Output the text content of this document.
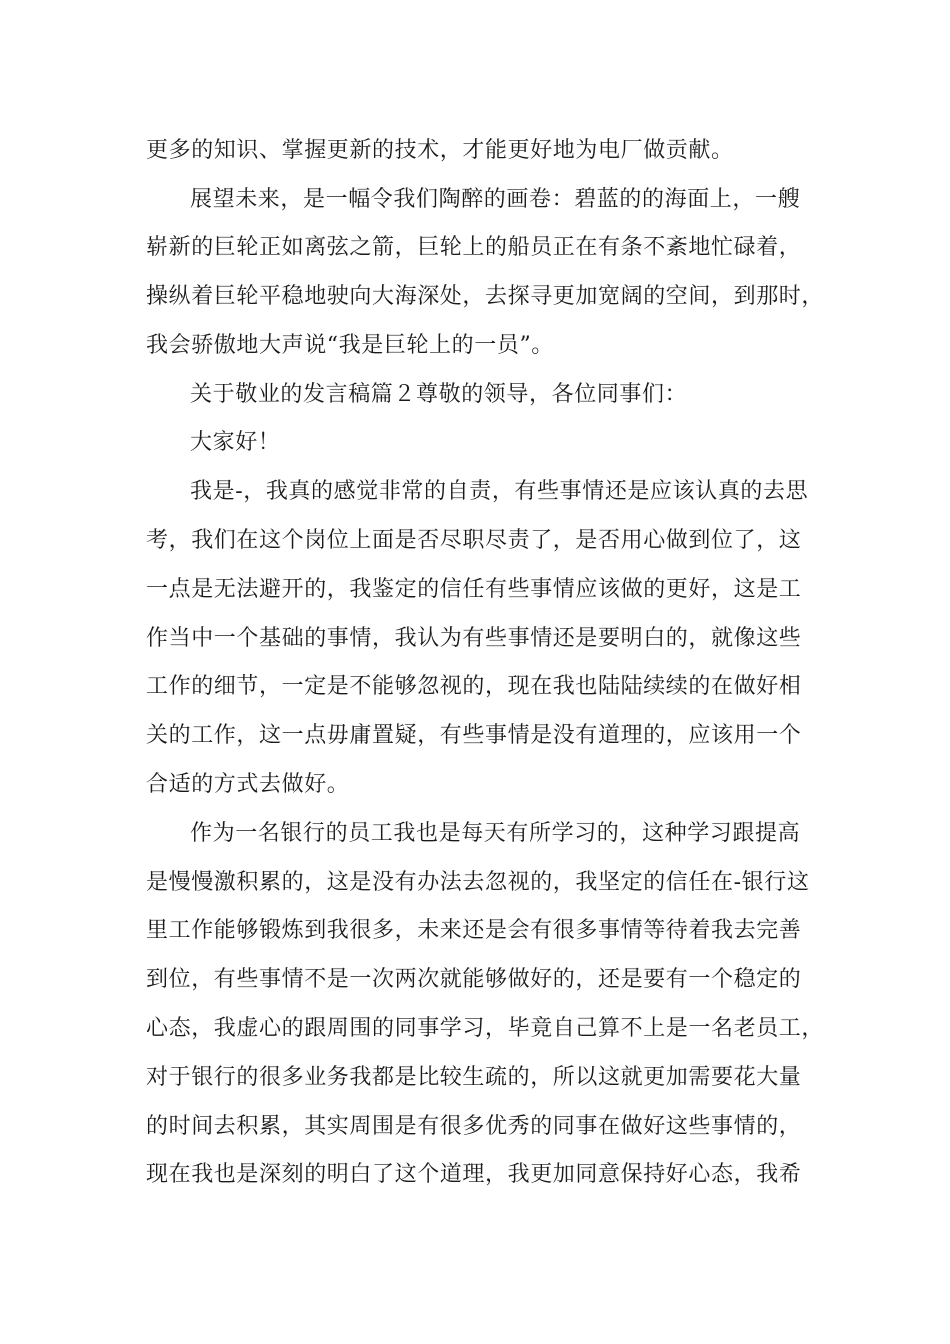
更多的知识、掌握更新的技术，才能更好地为电厂做贡献。
展望未来，是一幅令我们陶醉的画卷：碧蓝的的海面上，一艘
崭新的巨轮正如离弦之箭，巨轮上的船员正在有条不紊地忙碌着，
操纵着巨轮平稳地驶向大海深处，去探寻更加宽阔的空间，到那时，
我会骄傲地大声说“我是巨轮上的一员”。
关于敬业的发言稿篇２尊敬的领导，各位同事们：
大家好！
我是-，我真的感觉非常的自责，有些事情还是应该认真的去思
考，我们在这个岗位上面是否尽职尽责了，是否用心做到位了，这
一点是无法避开的，我鉴定的信任有些事情应该做的更好，这是工
作当中一个基础的事情，我认为有些事情还是要明白的，就像这些
工作的细节，一定是不能够忽视的，现在我也陆陆续续的在做好相
关的工作，这一点毋庸置疑，有些事情是没有道理的，应该用一个
合适的方式去做好。
作为一名银行的员工我也是每天有所学习的，这种学习跟提高
是慢慢激积累的，这是没有办法去忽视的，我坚定的信任在-银行这
里工作能够锻炼到我很多，未来还是会有很多事情等待着我去完善
到位，有些事情不是一次两次就能够做好的，还是要有一个稳定的
心态，我虚心的跟周围的同事学习，毕竟自己算不上是一名老员工，
对于银行的很多业务我都是比较生疏的，所以这就更加需要花大量
的时间去积累，其实周围是有很多优秀的同事在做好这些事情的，
现在我也是深刻的明白了这个道理，我更加同意保持好心态，我希
